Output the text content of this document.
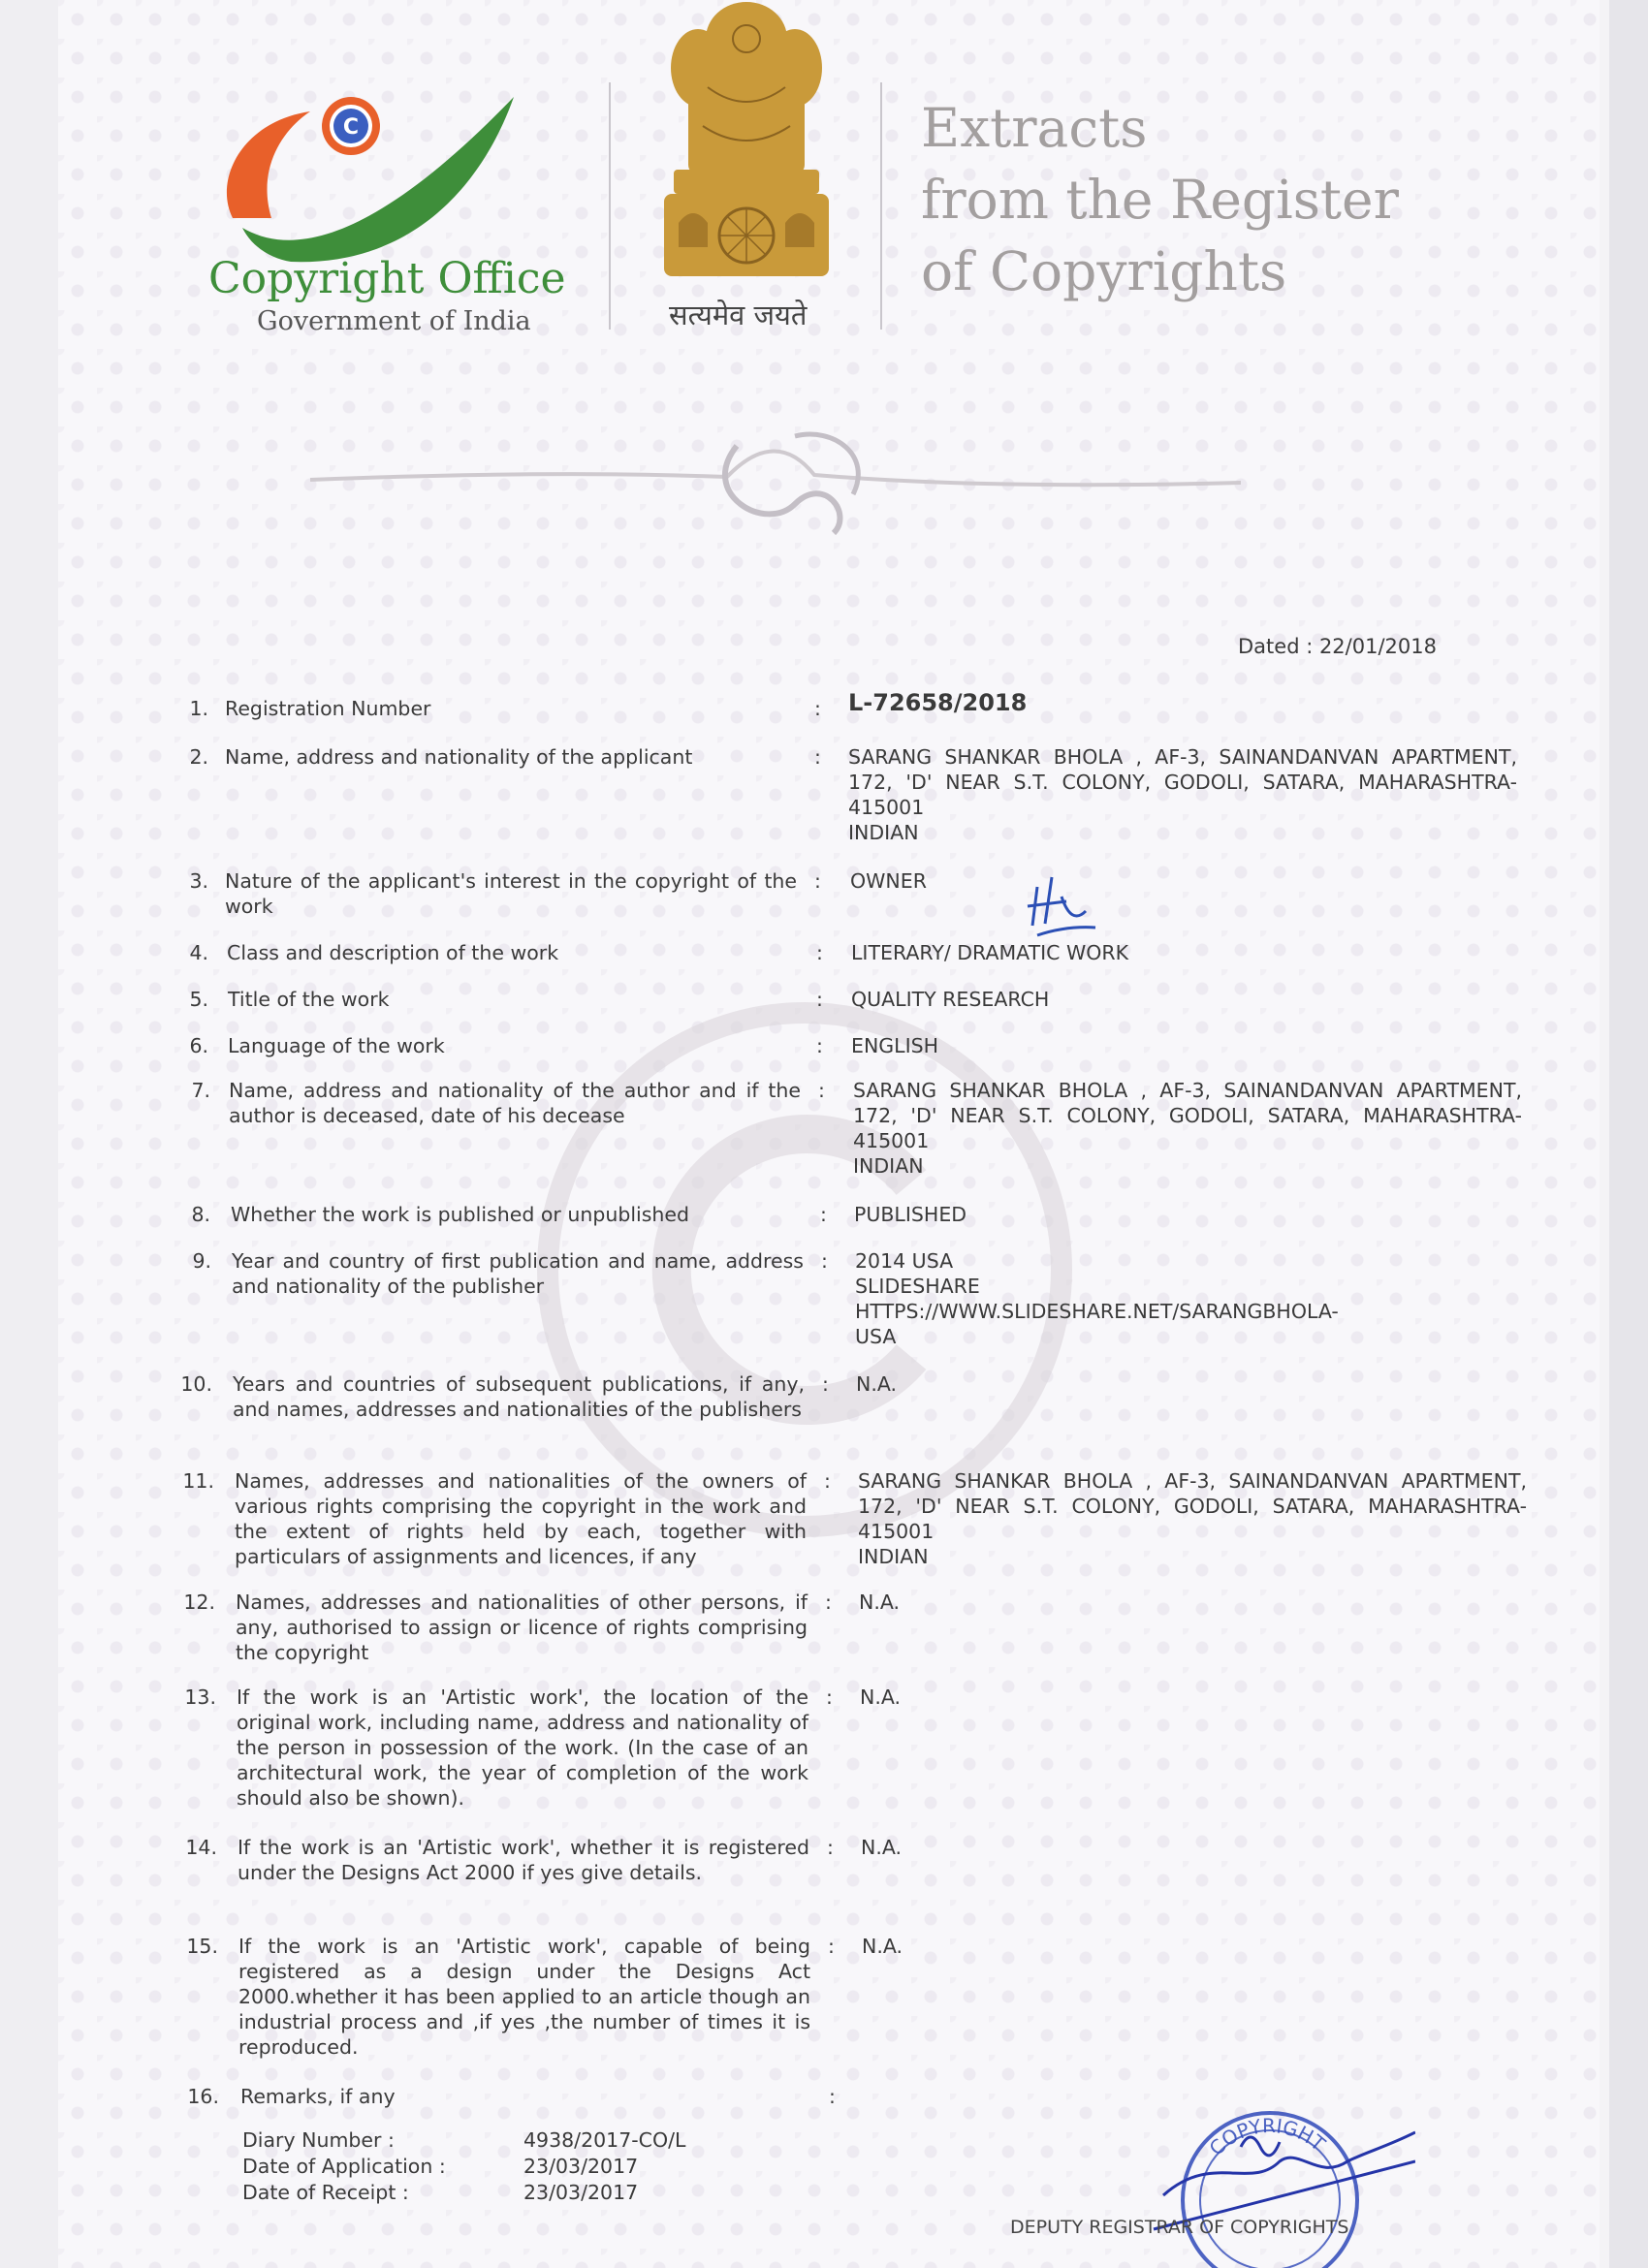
C
Copyright Office
Government of India	सत्यमेव जयते
Extracts
from the Register
of Copyrights
Dated : 22/01/2018
1. Registration Number	: L-72658/2018
2. Name, address and nationality of the applicant	:	SARANG SHANKAR BHOLA , AF-3, SAINANDANVAN APARTMENT, 172, 'D' NEAR S.T. COLONY, GODOLI, SATARA, MAHARASHTRA-415001
INDIAN
3. Nature of the applicant's interest in the copyright of the work
:	OWNER
4. Class and description of the work	:	LITERARY/ DRAMATIC WORK
5. Title of the work	:	QUALITY RESEARCH
6. Language of the work	:	ENGLISH
7. Name, address and nationality of the author and if the author is deceased, date of his decease
:	SARANG SHANKAR BHOLA , AF-3, SAINANDANVAN APARTMENT, 172, 'D' NEAR S.T. COLONY, GODOLI, SATARA, MAHARASHTRA-415001
INDIAN
8. Whether the work is published or unpublished	:	PUBLISHED
9. Year and country of first publication and name, address and nationality of the publisher
:	2014 USA
SLIDESHARE
HTTPS://WWW.SLIDESHARE.NET/SARANGBHOLA-
USA
10. Years and countries of subsequent publications, if any, and names, addresses and nationalities of the publishers
:	N.A.
11. Names, addresses and nationalities of the owners of various rights comprising the copyright in the work and the extent of rights held by each, together with particulars of assignments and licences, if any
:	SARANG SHANKAR BHOLA , AF-3, SAINANDANVAN APARTMENT, 172, 'D' NEAR S.T. COLONY, GODOLI, SATARA, MAHARASHTRA-415001
INDIAN
12. Names, addresses and nationalities of other persons, if any, authorised to assign or licence of rights comprising the copyright
:	N.A.
13. If the work is an 'Artistic work', the location of the original work, including name, address and nationality of the person in possession of the work. (In the case of an architectural work, the year of completion of the work should also be shown).
:	N.A.
14. If the work is an 'Artistic work', whether it is registered under the Designs Act 2000 if yes give details.
:	N.A.
15. If the work is an 'Artistic work', capable of being registered as a design under the Designs Act 2000.whether it has been applied to an article though an industrial process and ,if yes ,the number of times it is reproduced.
:	N.A.
16. Remarks, if any	:
Diary Number :	4938/2017-CO/L
Date of Application :	23/03/2017
Date of Receipt :	23/03/2017
COPYRIGHT
DEPUTY REGISTRAR OF COPYRIGHTS
